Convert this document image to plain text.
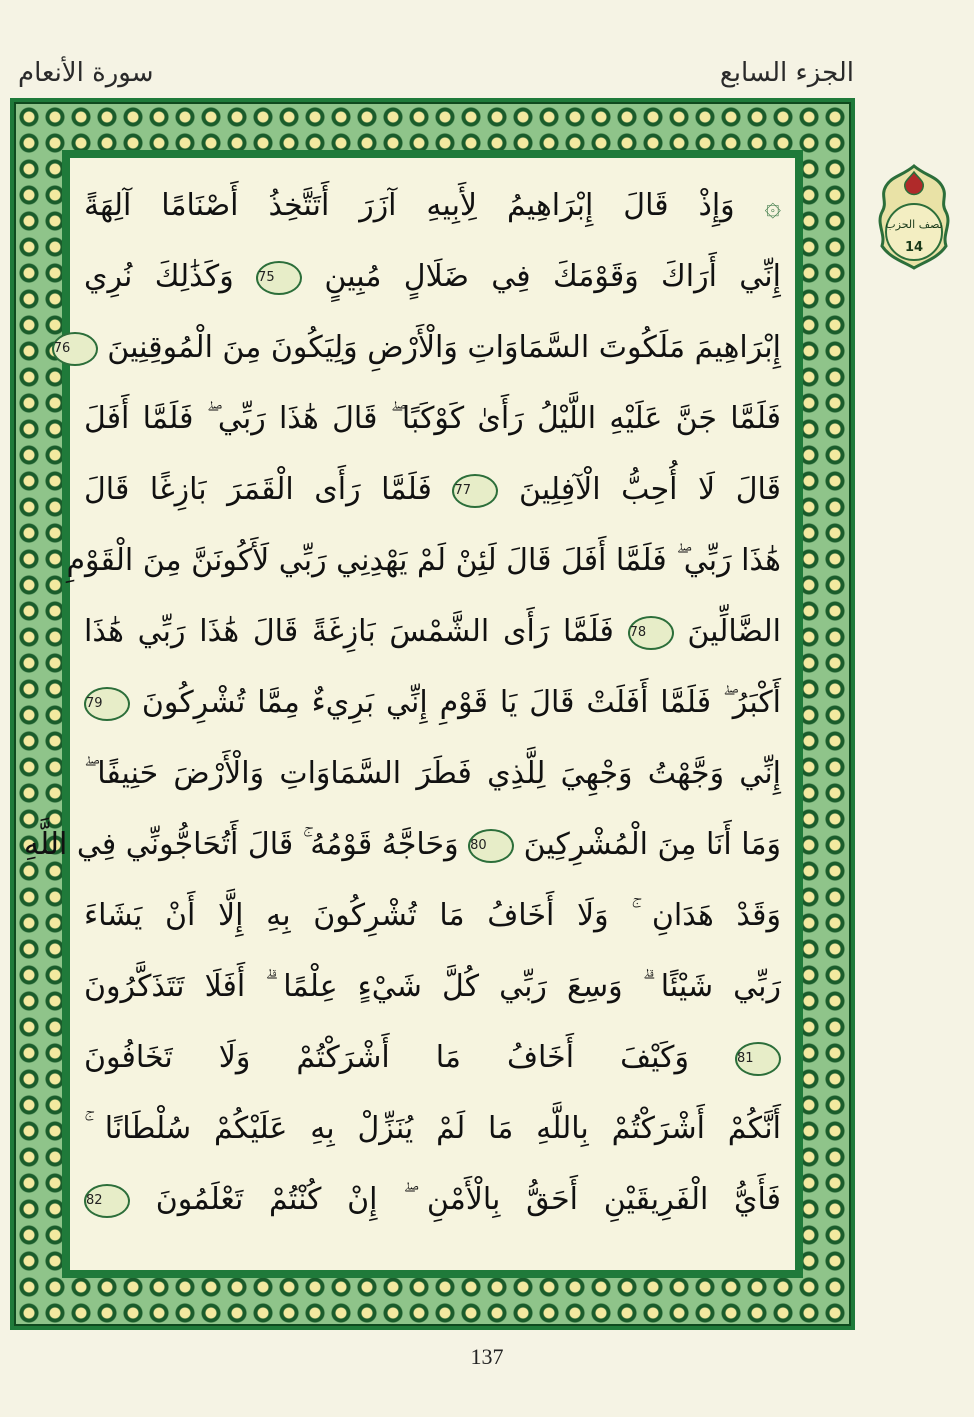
الجزء السابع
سورة الأنعام
نصف الحزب
14
۞ وَإِذْ قَالَ إِبْرَاهِيمُ لِأَبِيهِ آزَرَ أَتَتَّخِذُ أَصْنَامًا آلِهَةً
إِنِّي أَرَاكَ وَقَوْمَكَ فِي ضَلَالٍ مُبِينٍ 75 وَكَذَٰلِكَ نُرِي
إِبْرَاهِيمَ مَلَكُوتَ السَّمَاوَاتِ وَالْأَرْضِ وَلِيَكُونَ مِنَ الْمُوقِنِينَ 76
فَلَمَّا جَنَّ عَلَيْهِ اللَّيْلُ رَأَىٰ كَوْكَبًا ۖ قَالَ هَٰذَا رَبِّي ۖ فَلَمَّا أَفَلَ
قَالَ لَا أُحِبُّ الْآفِلِينَ 77 فَلَمَّا رَأَى الْقَمَرَ بَازِغًا قَالَ
هَٰذَا رَبِّي ۖ فَلَمَّا أَفَلَ قَالَ لَئِنْ لَمْ يَهْدِنِي رَبِّي لَأَكُونَنَّ مِنَ الْقَوْمِ
الضَّالِّينَ 78 فَلَمَّا رَأَى الشَّمْسَ بَازِغَةً قَالَ هَٰذَا رَبِّي هَٰذَا
أَكْبَرُ ۖ فَلَمَّا أَفَلَتْ قَالَ يَا قَوْمِ إِنِّي بَرِيءٌ مِمَّا تُشْرِكُونَ 79
إِنِّي وَجَّهْتُ وَجْهِيَ لِلَّذِي فَطَرَ السَّمَاوَاتِ وَالْأَرْضَ حَنِيفًا ۖ
وَمَا أَنَا مِنَ الْمُشْرِكِينَ 80 وَحَاجَّهُ قَوْمُهُ ۚ قَالَ أَتُحَاجُّونِّي فِي اللَّهِ
وَقَدْ هَدَانِ ۚ وَلَا أَخَافُ مَا تُشْرِكُونَ بِهِ إِلَّا أَنْ يَشَاءَ
رَبِّي شَيْئًا ۗ وَسِعَ رَبِّي كُلَّ شَيْءٍ عِلْمًا ۗ أَفَلَا تَتَذَكَّرُونَ
81 وَكَيْفَ أَخَافُ مَا أَشْرَكْتُمْ وَلَا تَخَافُونَ
أَنَّكُمْ أَشْرَكْتُمْ بِاللَّهِ مَا لَمْ يُنَزِّلْ بِهِ عَلَيْكُمْ سُلْطَانًا ۚ
فَأَيُّ الْفَرِيقَيْنِ أَحَقُّ بِالْأَمْنِ ۖ إِنْ كُنْتُمْ تَعْلَمُونَ 82
137
